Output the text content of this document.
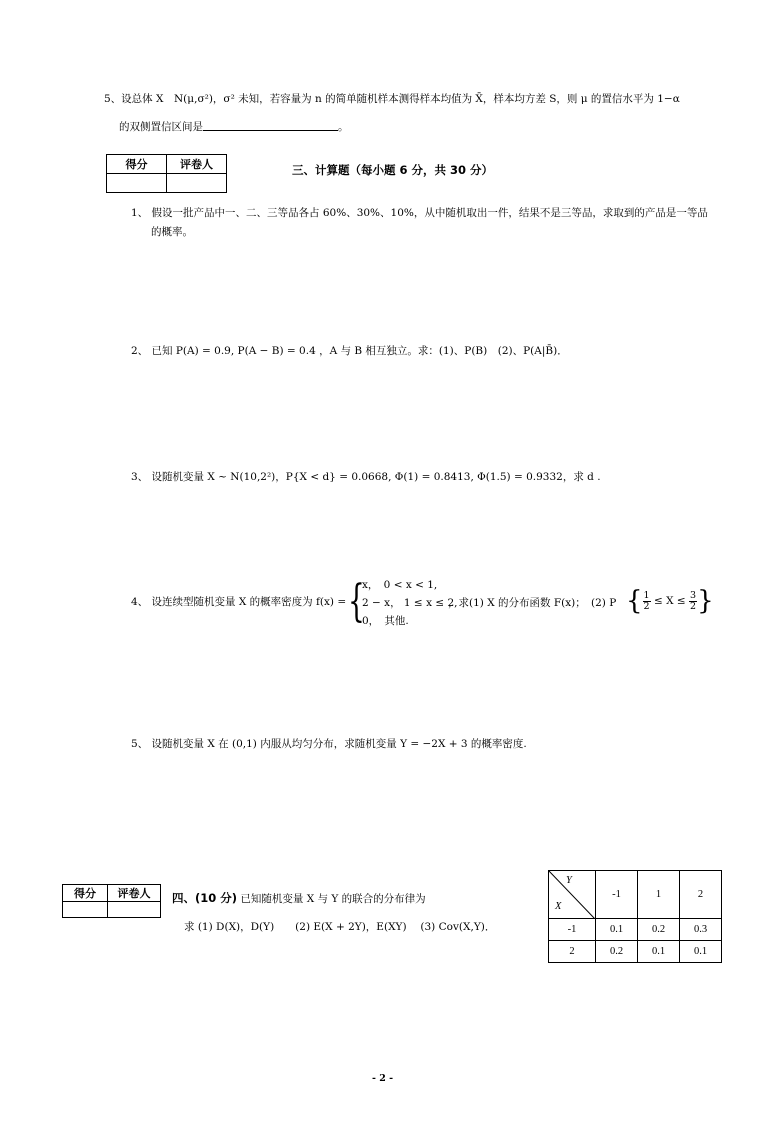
5、设总体 X　N(μ,σ²)，σ² 未知，若容量为 n 的简单随机样本测得样本均值为 X̄，样本均方差 S，则 μ 的置信水平为 1−α
的双侧置信区间是	。
得分	评卷人
		三、计算题（每小题 6 分，共 30 分）
1、 假设一批产品中一、二、三等品各占 60%、30%、10%，从中随机取出一件，结果不是三等品，求取到的产品是一等品
的概率。
2、 已知 P(A) = 0.9, P(A − B) = 0.4 ，A 与 B 相互独立。求：(1)、P(B)　(2)、P(A|B̄)．
3、 设随机变量 X ~ N(10,2²)，P{X < d} = 0.0668, Φ(1) = 0.8413, Φ(1.5) = 0.9332，求 d .
4、 设连续型随机变量 X 的概率密度为 f(x) = {
x，　0 < x < 1,
2 − x， 1 ≤ x ≤ 2,
0，　其他.
，求(1) X 的分布函数 F(x)；　(2) P { $\frac{1}{2} \le X \le \frac{3}{2}$ }
5、 设随机变量 X 在 (0,1) 内服从均匀分布，求随机变量 Y = −2X + 3 的概率密度.
得分	评卷人
	四、(10 分) 已知随机变量 X 与 Y 的联合的分布律为
求 (1) D(X)，D(Y)　　(2) E(X + 2Y)，E(XY)　 (3) Cov(X,Y)．
Y
X	-1	1	2
-1	0.1	0.2	0.3
2	0.2	0.1	0.1
- 2 -
